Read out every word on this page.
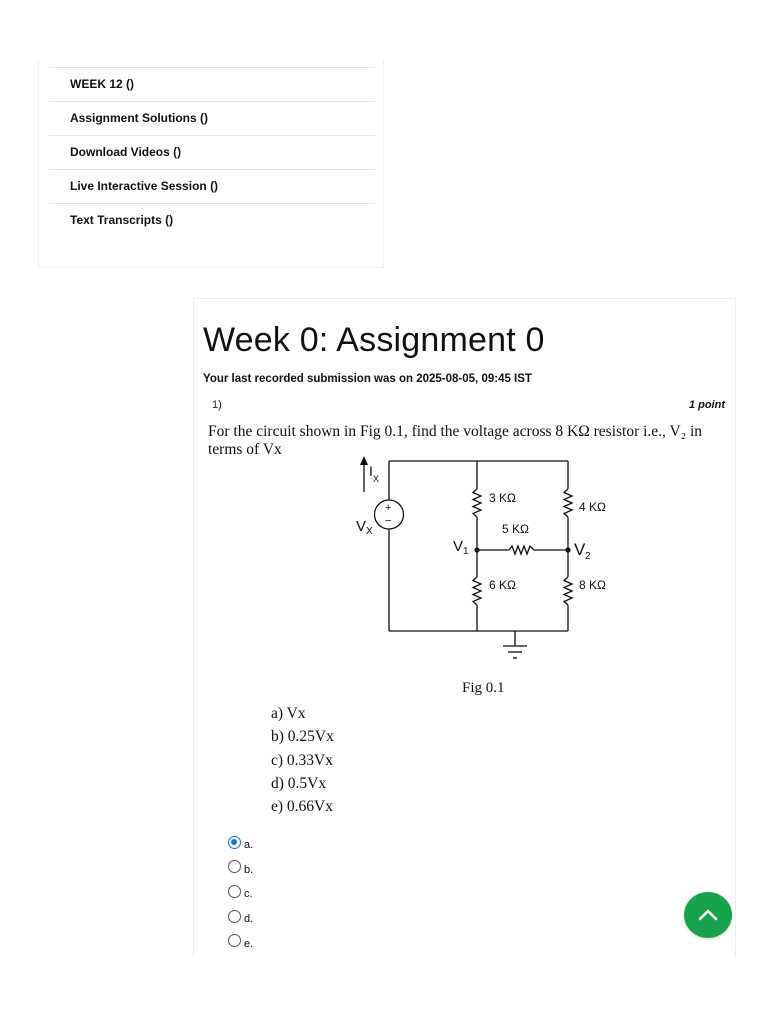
WEEK 12 ()
Assignment Solutions ()
Download Videos ()
Live Interactive Session ()
Text Transcripts ()
Week 0: Assignment 0
Your last recorded submission was on 2025-08-05, 09:45 IST
1)	1 point
For the circuit shown in Fig 0.1, find the voltage across 8 KΩ resistor i.e., V₂ in terms of Vx
+
−
I X
V X
V 1	V 2
3 KΩ
4 KΩ
5 KΩ
6 KΩ	8 KΩ
Fig 0.1
a) Vx
b) 0.25Vx
c) 0.33Vx
d) 0.5Vx
e) 0.66Vx
a.
b.
c.
d.
e.
